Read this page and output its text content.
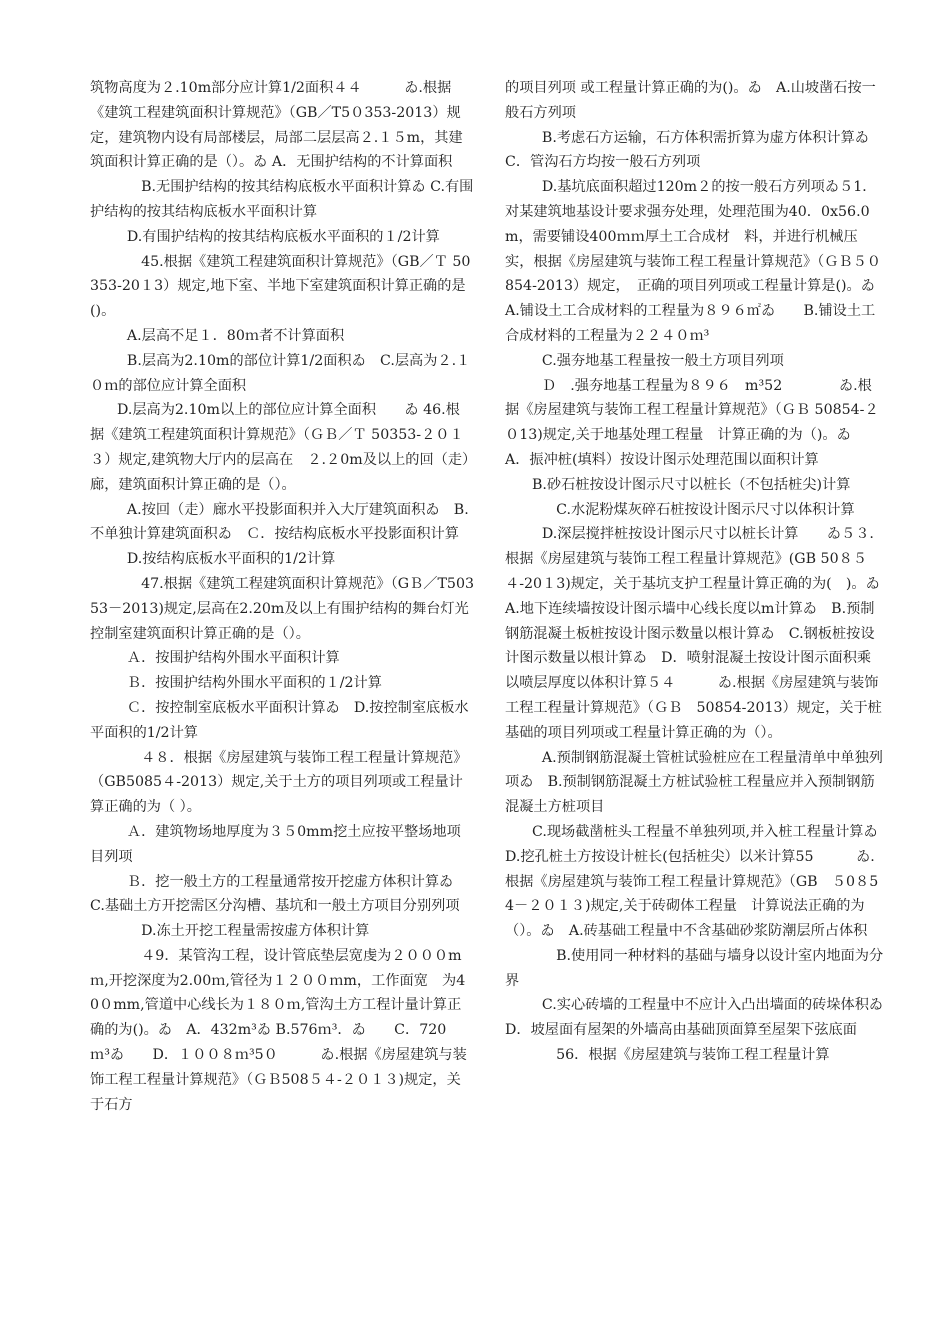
筑物高度为２.10m部分应计算1/2面积４４　　　ゐ.根据《建筑工程建筑面积计算规范》（GB／T5０353-2013）规定，建筑物内设有局部楼层，局部二层层高２.１５m，其建筑面积计算正确的是（）。ゐ A．无围护结构的不计算面积

B.无围护结构的按其结构底板水平面积计算ゐ C.有围护结构的按其结构底板水平面积计算

D.有围护结构的按其结构底板水平面积的１/2计算

45.根据《建筑工程建筑面积计算规范》（GB／Ｔ 50353-20１3）规定,地下室、半地下室建筑面积计算正确的是()。

A.层高不足１．80ｍ者不计算面积

B.层高为2.10m的部位计算1/2面积ゐ　C.层高为２.１０ｍ的部位应计算全面积

D.层高为2.10m以上的部位应计算全面积　　ゐ 46.根据《建筑工程建筑面积计算规范》（ＧＢ／Ｔ 50353-２０１３）规定,建筑物大厅内的层高在　２.２0m及以上的回（走）廊，建筑面积计算正确的是（）。

A.按回（走）廊水平投影面积并入大厅建筑面积ゐ　B.不单独计算建筑面积ゐ　Ｃ．按结构底板水平投影面积计算

D.按结构底板水平面积的1/2计算

47.根据《建筑工程建筑面积计算规范》（GＢ／T50353－2013)规定,层高在2.20m及以上有围护结构的舞台灯光控制室建筑面积计算正确的是（）。

Ａ．按围护结构外围水平面积计算

Ｂ．按围护结构外围水平面积的１/2计算

Ｃ．按控制室底板水平面积计算ゐ　D.按控制室底板水平面积的1/2计算

４８．根据《房屋建筑与装饰工程工程量计算规范》（GB5085４-2013）规定,关于土方的项目列项或工程量计算正确的为（ ）。

Ａ．建筑物场地厚度为３５0mm挖土应按平整场地项目列项

Ｂ．挖一般土方的工程量通常按开挖虚方体积计算ゐ　C.基础土方开挖需区分沟槽、基坑和一般土方项目分别列项

D.冻土开挖工程量需按虚方体积计算

４9．某管沟工程，设计管底垫层宽虔为２０００mｍ,开挖深度为2.00ｍ,管径为１２００ｍm，工作面宽　为40０mm,管道中心线长为１８０ｍ,管沟土方工程计量计算正确的为()。ゐ　A．432m³ゐ B.576ｍ³．ゐ　　C．720　ｍ³ゐ　　D．１００８ｍ³5０　　　ゐ.根据《房屋建筑与装饰工程工程量计算规范》（ＧＢ508５４-２０１３)规定，关于石方

的项目列项 或工程量计算正确的为()。ゐ　A.山坡凿石按一般石方列项

B.考虑石方运输，石方体积需折算为虚方体积计算ゐ　C．管沟石方均按一般石方列项

D.基坑底面积超过120m２的按一般石方列项ゐ５1．对某建筑地基设计要求强夯处理，处理范围为40．0x56.0m，需要铺设400ｍｍ厚土工合成材　料，并进行机械压实，根据《房屋建筑与装饰工程工程量计算规范》（ＧＢ５０854-2013）规定，　正确的项目列项或工程量计算是()。ゐ A.铺设土工合成材料的工程量为８９６㎡ゐ　　B.铺设土工合成材料的工程量为２２４０ｍ³

C.强夯地基工程量按一般土方项目列项

Ｄ　.强夯地基工程量为８９６　m³52　　　　ゐ.根据《房屋建筑与装饰工程工程量计算规范》（ＧＢ 50854-２０13)规定,关于地基处理工程量　计算正确的为（)。ゐ　A．振冲桩(填料）按设计图示处理范围以面积计算

B.砂石桩按设计图示尺寸以桩长（不包括桩尖)计算

C.水泥粉煤灰碎石桩按设计图示尺寸以体积计算

D.深层搅拌桩按设计图示尺寸以桩长计算　　ゐ５３.根据《房屋建筑与装饰工程工程量计算规范》(GB 50８５４-20１3)规定，关于基坑支护工程量计算正确的为(　)。ゐ　A.地下连续墙按设计图示墙中心线长度以m计算ゐ　B.预制钢筋混凝土板桩按设计图示数量以根计算ゐ　C.钢板桩按设计图示数量以根计算ゐ　D．喷射混凝土按设计图示面积乘以喷层厚度以体积计算５４　　　ゐ.根据《房屋建筑与装饰工程工程量计算规范》（ＧＢ　50854-2013）规定，关于桩基础的项目列项或工程量计算正确的为（）。

A.预制钢筋混凝土管桩试验桩应在工程量清单中单独列项ゐ　B.预制钢筋混凝土方桩试验桩工程量应并入预制钢筋混凝土方桩项目

C.现场截凿桩头工程量不单独列项,并入桩工程量计算ゐ　D.挖孔桩土方按设计桩长(包括桩尖）以米计算55　　　ゐ.根据《房屋建筑与装饰工程工程量计算规范》（GB　５0８54－２０１３)规定,关于砖砌体工程量　计算说法正确的为（）。ゐ　A.砖基础工程量中不含基础砂浆防潮层所占体积

B.使用同一种材料的基础与墙身以设计室内地面为分界

C.实心砖墙的工程量中不应计入凸出墙面的砖垛体积ゐ　D．坡屋面有屋架的外墙高由基础顶面算至屋架下弦底面

56．根据《房屋建筑与装饰工程工程量计算
